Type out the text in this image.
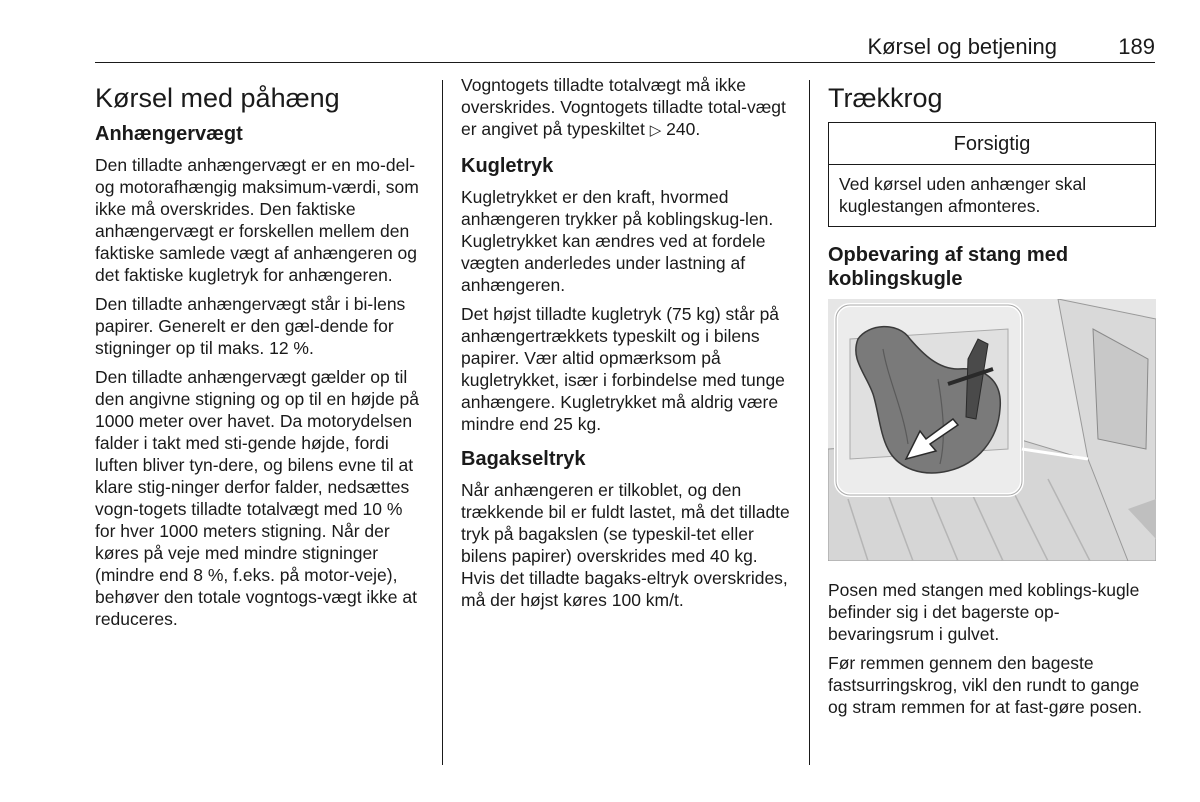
Kørsel og betjening	189
Kørsel med påhæng
Anhængervægt

Den tilladte anhængervægt er en mo-del- og motorafhængig maksimum-værdi, som ikke må overskrides. Den faktiske anhængervægt er forskellen mellem den faktiske samlede vægt af anhængeren og det faktiske kugletryk for anhængeren.

Den tilladte anhængervægt står i bi-lens papirer. Generelt er den gæl-dende for stigninger op til maks. 12 %.

Den tilladte anhængervægt gælder op til den angivne stigning og op til en højde på 1000 meter over havet. Da motorydelsen falder i takt med sti-gende højde, fordi luften bliver tyn-dere, og bilens evne til at klare stig-ninger derfor falder, nedsættes vogn-togets tilladte totalvægt med 10 % for hver 1000 meters stigning. Når der køres på veje med mindre stigninger (mindre end 8 %, f.eks. på motor-veje), behøver den totale vogntogs-vægt ikke at reduceres.

Vogntogets tilladte totalvægt må ikke overskrides. Vogntogets tilladte total-vægt er angivet på typeskiltet ▷ 240.

Kugletryk

Kugletrykket er den kraft, hvormed anhængeren trykker på koblingskug-len. Kugletrykket kan ændres ved at fordele vægten anderledes under lastning af anhængeren.

Det højst tilladte kugletryk (75 kg) står på anhængertrækkets typeskilt og i bilens papirer. Vær altid opmærksom på kugletrykket, især i forbindelse med tunge anhængere. Kugletrykket må aldrig være mindre end 25 kg.

Bagakseltryk

Når anhængeren er tilkoblet, og den trækkende bil er fuldt lastet, må det tilladte tryk på bagakslen (se typeskil-tet eller bilens papirer) overskrides med 40 kg. Hvis det tilladte bagaks-eltryk overskrides, må der højst køres 100 km/t.

Trækkrog
Forsigtig
Ved kørsel uden anhænger skal kuglestangen afmonteres.
Opbevaring af stang med koblingskugle

Posen med stangen med koblings-kugle befinder sig i det bagerste op-bevaringsrum i gulvet.

Før remmen gennem den bageste fastsurringskrog, vikl den rundt to gange og stram remmen for at fast-gøre posen.
